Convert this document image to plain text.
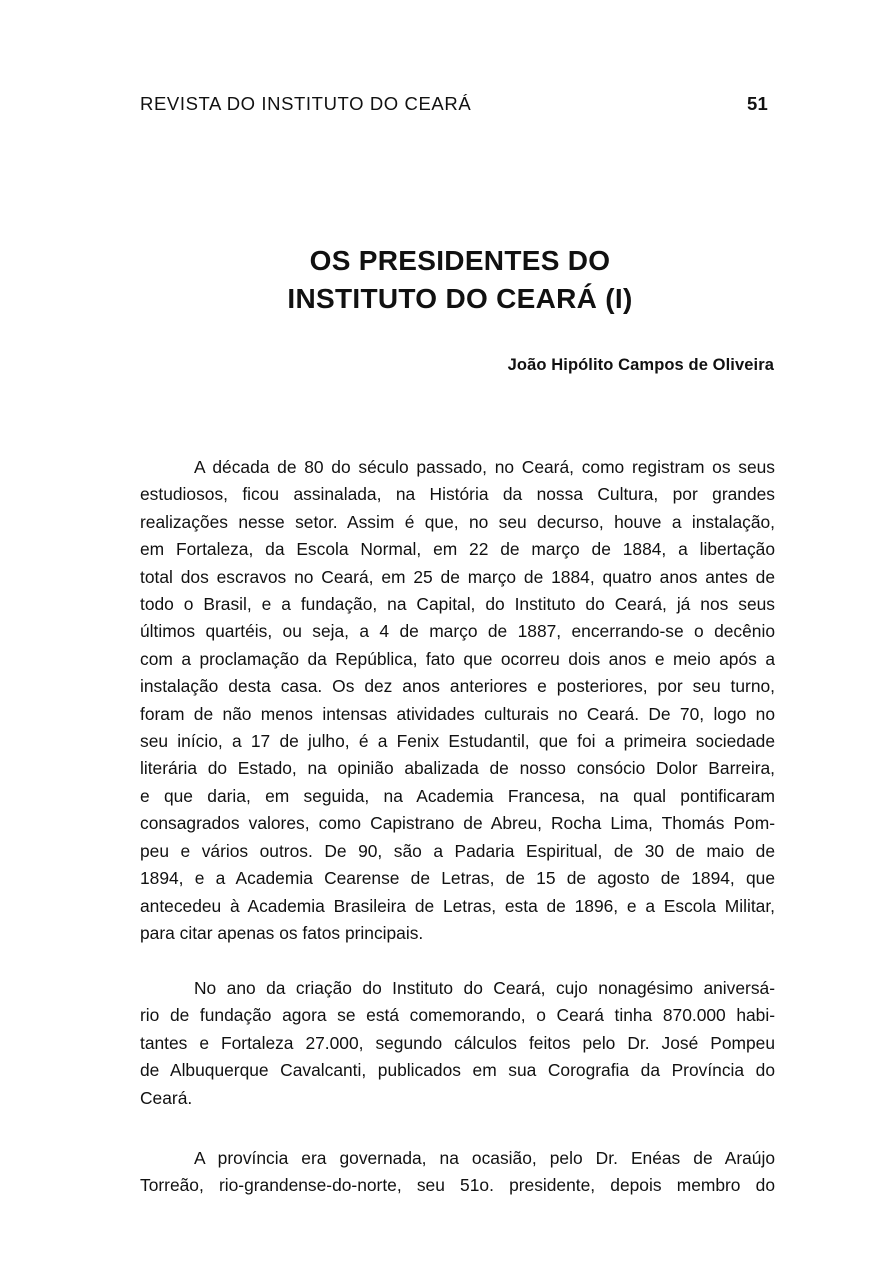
REVISTA DO INSTITUTO DO CEARÁ	51
OS PRESIDENTES DO
INSTITUTO DO CEARÁ (I)
João Hipólito Campos de Oliveira
A década de 80 do século passado, no Ceará, como registram os seus
estudiosos, ficou assinalada, na História da nossa Cultura, por grandes
realizações nesse setor. Assim é que, no seu decurso, houve a instalação,
em Fortaleza, da Escola Normal, em 22 de março de 1884, a libertação
total dos escravos no Ceará, em 25 de março de 1884, quatro anos antes de
todo o Brasil, e a fundação, na Capital, do Instituto do Ceará, já nos seus
últimos quartéis, ou seja, a 4 de março de 1887, encerrando-se o decênio
com a proclamação da República, fato que ocorreu dois anos e meio após a
instalação desta casa. Os dez anos anteriores e posteriores, por seu turno,
foram de não menos intensas atividades culturais no Ceará. De 70, logo no
seu início, a 17 de julho, é a Fenix Estudantil, que foi a primeira sociedade
literária do Estado, na opinião abalizada de nosso consócio Dolor Barreira,
e que daria, em seguida, na Academia Francesa, na qual pontificaram
consagrados valores, como Capistrano de Abreu, Rocha Lima, Thomás Pom-
peu e vários outros. De 90, são a Padaria Espiritual, de 30 de maio de
1894, e a Academia Cearense de Letras, de 15 de agosto de 1894, que
antecedeu à Academia Brasileira de Letras, esta de 1896, e a Escola Militar,
para citar apenas os fatos principais.
No ano da criação do Instituto do Ceará, cujo nonagésimo aniversá-
rio de fundação agora se está comemorando, o Ceará tinha 870.000 habi-
tantes e Fortaleza 27.000, segundo cálculos feitos pelo Dr. José Pompeu
de Albuquerque Cavalcanti, publicados em sua Corografia da Província do
Ceará.
A província era governada, na ocasião, pelo Dr. Enéas de Araújo
Torreão, rio-grandense-do-norte, seu 51o. presidente, depois membro do
